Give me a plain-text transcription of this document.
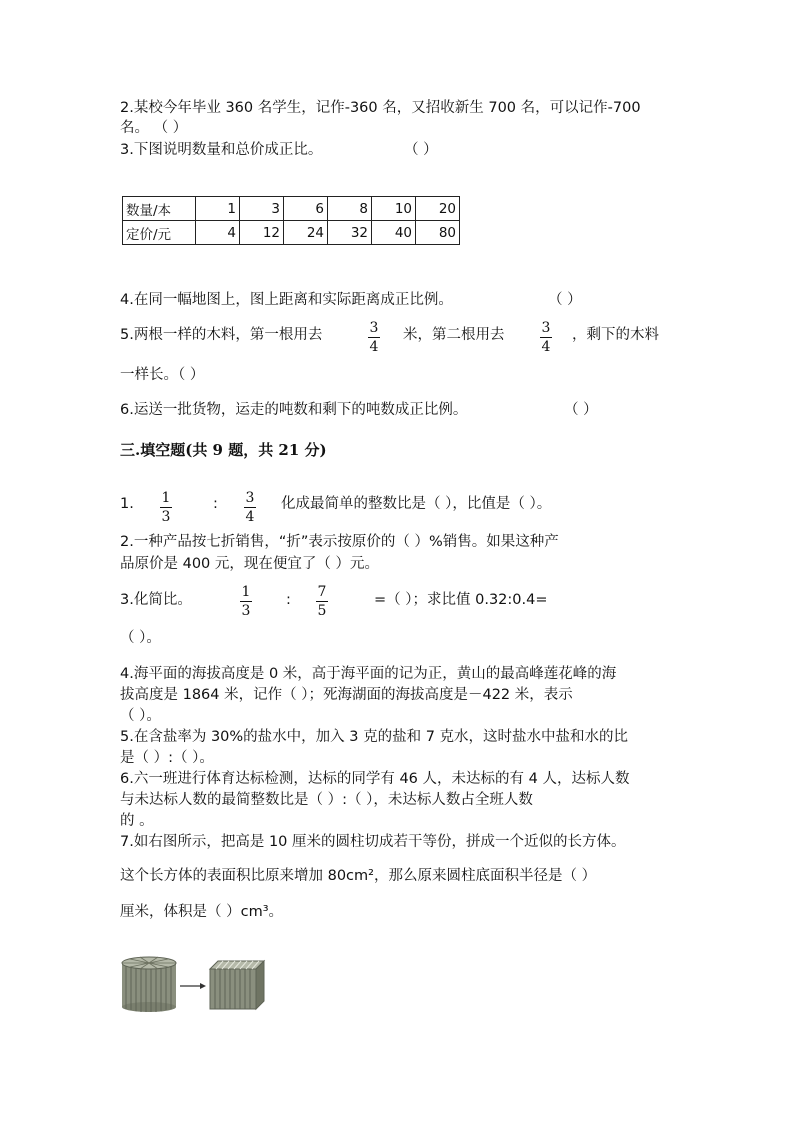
2.某校今年毕业 360 名学生，记作-360 名，又招收新生 700 名，可以记作-700
名。 （ ）
3.下图说明数量和总价成正比。	（ ）
数量/本	1	3	6	8	10	20
定价/元	4	12	24	32	40	80
4.在同一幅地图上，图上距离和实际距离成正比例。	（ ）
5.两根一样的木料，第一根用去	3
4
米，第二根用去	3
4
，剩下的木料
一样长。（ ）
6.运送一批货物，运走的吨数和剩下的吨数成正比例。	（ ）
三.填空题(共 9 题，共 21 分)
1. 1
3
: 3
4
化成最简单的整数比是（ ），比值是（ ）。
2.一种产品按七折销售，“折”表示按原价的（ ）%销售。如果这种产
品原价是 400 元，现在便宜了（ ）元。
3.化简比。	1
3
: 7
5
=（ ）；求比值 0.32:0.4=
（ ）。
4.海平面的海拔高度是 0 米，高于海平面的记为正，黄山的最高峰莲花峰的海
拔高度是 1864 米，记作（ ）；死海湖面的海拔高度是－422 米，表示
（ ）。
5.在含盐率为 30%的盐水中，加入 3 克的盐和 7 克水，这时盐水中盐和水的比
是（ ）:（ ）。
6.六一班进行体育达标检测，达标的同学有 46 人，未达标的有 4 人，达标人数
与未达标人数的最简整数比是（ ）:（ ），未达标人数占全班人数
的 。
7.如右图所示，把高是 10 厘米的圆柱切成若干等份，拼成一个近似的长方体。
这个长方体的表面积比原来增加 80cm²，那么原来圆柱底面积半径是（ ）
厘米，体积是（ ）cm³。
